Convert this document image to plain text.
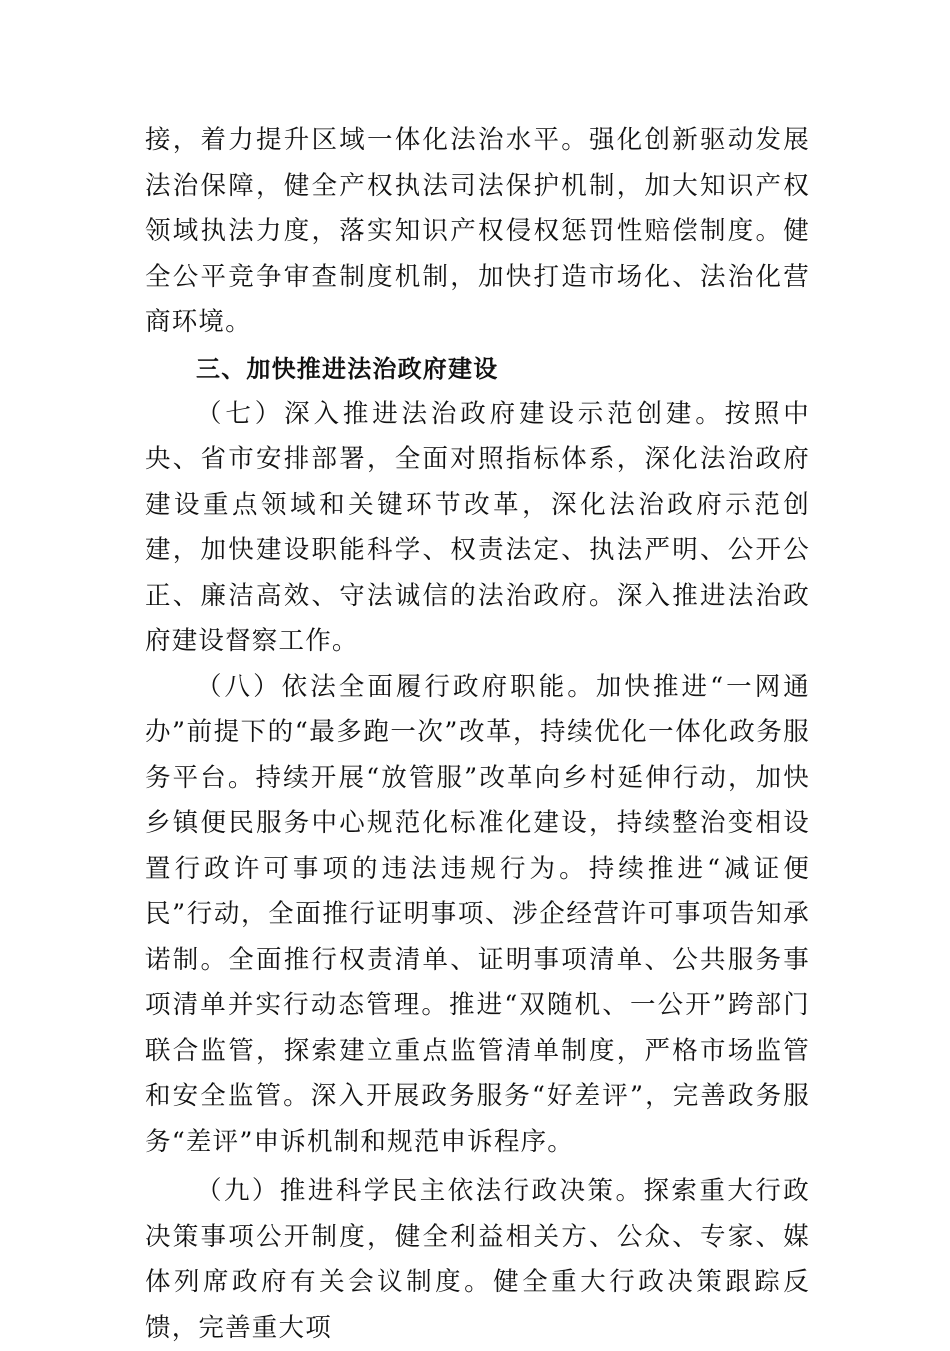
接，着力提升区域一体化法治水平。强化创新驱动发展法治保障，健全产权执法司法保护机制，加大知识产权领域执法力度，落实知识产权侵权惩罚性赔偿制度。健全公平竞争审查制度机制，加快打造市场化、法治化营商环境。

三、加快推进法治政府建设

（七）深入推进法治政府建设示范创建。按照中央、省市安排部署，全面对照指标体系，深化法治政府建设重点领域和关键环节改革，深化法治政府示范创建，加快建设职能科学、权责法定、执法严明、公开公正、廉洁高效、守法诚信的法治政府。深入推进法治政府建设督察工作。

（八）依法全面履行政府职能。加快推进“一网通办”前提下的“最多跑一次”改革，持续优化一体化政务服务平台。持续开展“放管服”改革向乡村延伸行动，加快乡镇便民服务中心规范化标准化建设，持续整治变相设置行政许可事项的违法违规行为。持续推进“减证便民”行动，全面推行证明事项、涉企经营许可事项告知承诺制。全面推行权责清单、证明事项清单、公共服务事项清单并实行动态管理。推进“双随机、一公开”跨部门联合监管，探索建立重点监管清单制度，严格市场监管和安全监管。深入开展政务服务“好差评”，完善政务服务“差评”申诉机制和规范申诉程序。

（九）推进科学民主依法行政决策。探索重大行政决策事项公开制度，健全利益相关方、公众、专家、媒体列席政府有关会议制度。健全重大行政决策跟踪反馈，完善重大项
